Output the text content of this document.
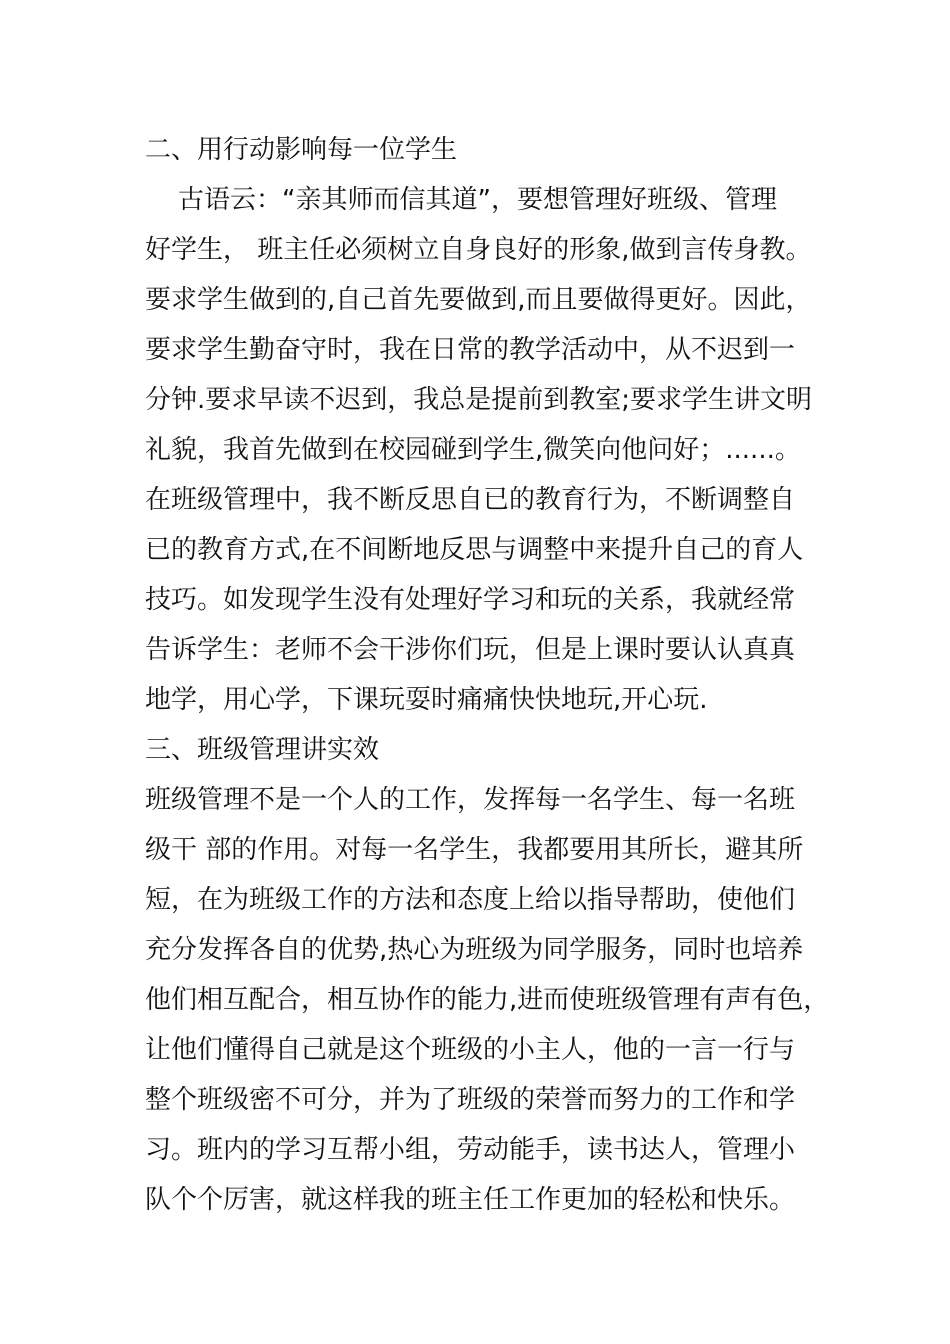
二、用行动影响每一位学生
古语云：“亲其师而信其道”，要想管理好班级、管理
好学生， 班主任必须树立自身良好的形象,做到言传身教。
要求学生做到的,自己首先要做到,而且要做得更好。因此，
要求学生勤奋守时，我在日常的教学活动中，从不迟到一
分钟.要求早读不迟到，我总是提前到教室;要求学生讲文明
礼貌，我首先做到在校园碰到学生,微笑向他问好；......。
在班级管理中，我不断反思自已的教育行为，不断调整自
已的教育方式,在不间断地反思与调整中来提升自己的育人
技巧。如发现学生没有处理好学习和玩的关系，我就经常
告诉学生：老师不会干涉你们玩，但是上课时要认认真真
地学，用心学，下课玩耍时痛痛快快地玩,开心玩.
三、班级管理讲实效
班级管理不是一个人的工作，发挥每一名学生、每一名班
级干 部的作用。对每一名学生，我都要用其所长，避其所
短，在为班级工作的方法和态度上给以指导帮助，使他们
充分发挥各自的优势,热心为班级为同学服务，同时也培养
他们相互配合，相互协作的能力,进而使班级管理有声有色，
让他们懂得自己就是这个班级的小主人，他的一言一行与
整个班级密不可分，并为了班级的荣誉而努力的工作和学
习。班内的学习互帮小组，劳动能手，读书达人，管理小
队个个厉害，就这样我的班主任工作更加的轻松和快乐。
